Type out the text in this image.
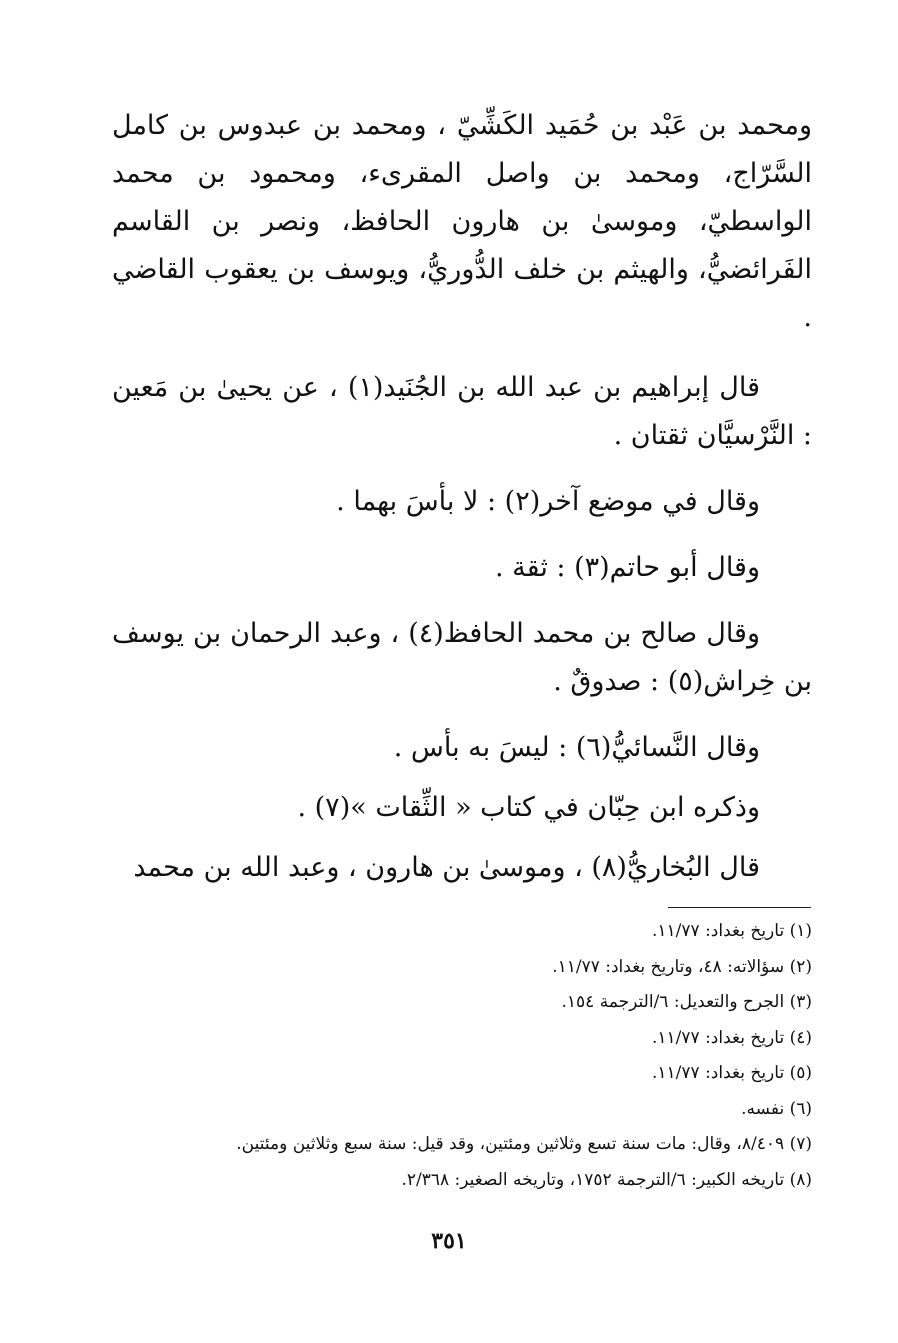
ومحمد بن عَبْد بن حُمَيد الكَشِّيّ ، ومحمد بن عبدوس بن كامل السَّرّاج، ومحمد بن واصل المقرىء، ومحمود بن محمد الواسطيّ، وموسىٰ بن هارون الحافظ، ونصر بن القاسم الفَرائضيُّ، والهيثم بن خلف الدُّوريُّ، ويوسف بن يعقوب القاضي .

قال إبراهيم بن عبد الله بن الجُنَيد(١) ، عن يحيىٰ بن مَعين : النَّرْسيَّان ثقتان .

وقال في موضع آخر(٢) : لا بأسَ بهما .

وقال أبو حاتم(٣) : ثقة .

وقال صالح بن محمد الحافظ(٤) ، وعبد الرحمان بن يوسف بن خِراش(٥) : صدوقٌ .

وقال النَّسائيُّ(٦) : ليسَ به بأس .

وذكره ابن حِبّان في كتاب « الثِّقات »(٧) .

قال البُخاريُّ(٨) ، وموسىٰ بن هارون ، وعبد الله بن محمد

(١) تاريخ بغداد: ١١/٧٧.
(٢) سؤالاته: ٤٨، وتاريخ بغداد: ١١/٧٧.
(٣) الجرح والتعديل: ٦/الترجمة ١٥٤.
(٤) تاريخ بغداد: ١١/٧٧.
(٥) تاريخ بغداد: ١١/٧٧.
(٦) نفسه.
(٧) ٨/٤٠٩، وقال: مات سنة تسع وثلاثين ومئتين، وقد قيل: سنة سبع وثلاثين ومئتين.
(٨) تاريخه الكبير: ٦/الترجمة ١٧٥٢، وتاريخه الصغير: ٢/٣٦٨.
٣٥١
